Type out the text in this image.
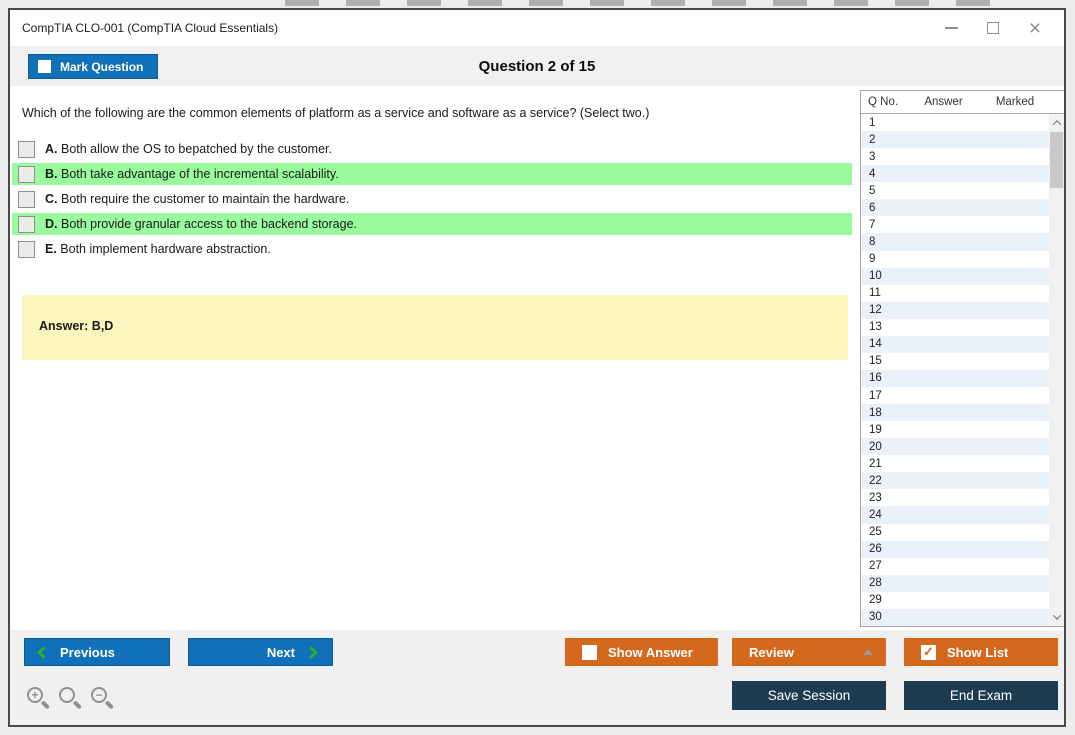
CompTIA CLO-001 (CompTIA Cloud Essentials)	×
Question 2 of 15
Mark Question
Which of the following are the common elements of platform as a service and software as a service? (Select two.)
A. Both allow the OS to bepatched by the customer.
B. Both take advantage of the incremental scalability.
C. Both require the customer to maintain the hardware.
D. Both provide granular access to the backend storage.
E. Both implement hardware abstraction.
Answer: B,D
Q No.	Answer	Marked
1
2
3
4
5
6
7
8
9
10
11
12
13
14
15
16
17
18
19
20
21
22
23
24
25
26
27
28
29
30
Previous	Next	Show Answer	Review	✓ Show List
Save Session	End Exam
+	−
